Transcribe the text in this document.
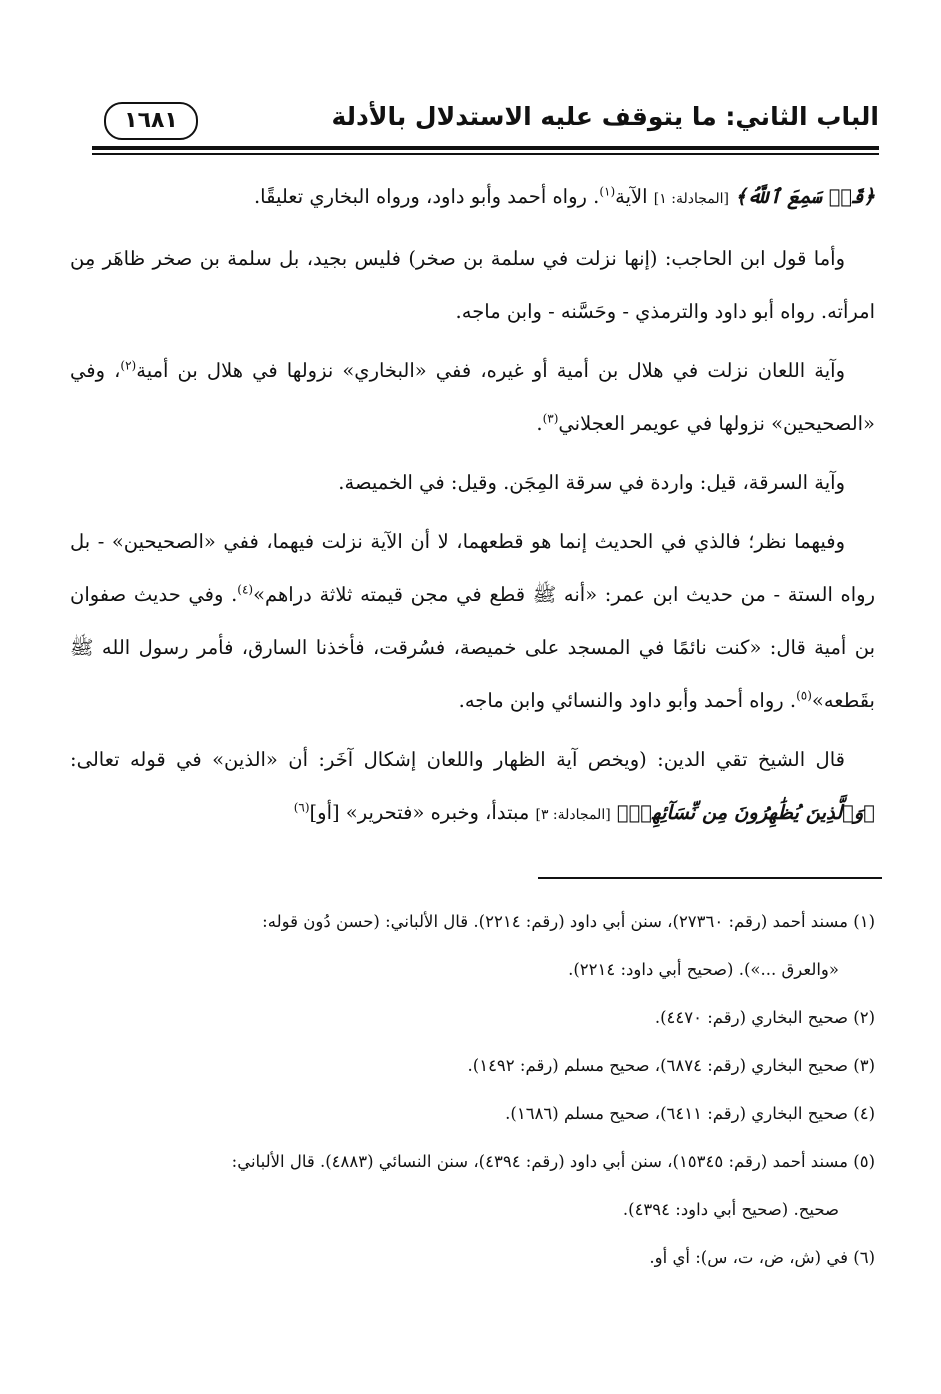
الباب الثاني: ما يتوقف عليه الاستدلال بالأدلة
١٦٨١

﴿قَدۡ سَمِعَ ٱللَّهُ﴾ [المجادلة: ١] الآية$^{(١)}$. رواه أحمد وأبو داود، ورواه البخاري تعليقًا.

وأما قول ابن الحاجب: (إنها نزلت في سلمة بن صخر) فليس بجيد، بل سلمة بن صخر ظاهَر مِن امرأته. رواه أبو داود والترمذي - وحَسَّنه - وابن ماجه.

وآية اللعان نزلت في هلال بن أمية أو غيره، ففي «البخاري» نزولها في هلال بن أمية$^{(٢)}$، وفي «الصحيحين» نزولها في عويمر العجلاني$^{(٣)}$.

وآية السرقة، قيل: واردة في سرقة المِجَن. وقيل: في الخميصة.

وفيهما نظر؛ فالذي في الحديث إنما هو قطعهما، لا أن الآية نزلت فيهما، ففي «الصحيحين» - بل رواه الستة - من حديث ابن عمر: «أنه ﷺ قطع في مجن قيمته ثلاثة دراهم»$^{(٤)}$. وفي حديث صفوان بن أمية قال: «كنت نائمًا في المسجد على خميصة، فسُرقت، فأخذنا السارق، فأمر رسول الله ﷺ بقَطعه»$^{(٥)}$. رواه أحمد وأبو داود والنسائي وابن ماجه.

قال الشيخ تقي الدين: (ويخص آية الظهار واللعان إشكال آخَر: أن «الذين» في قوله تعالى: ﴿وَٱلَّذِينَ يُظَٰهِرُونَ مِن نِّسَآئِهِمۡ﴾ [المجادلة: ٣] مبتدأ، وخبره «فتحرير» [أو]$^{(٦)}$

(١) مسند أحمد (رقم: ٢٧٣٦٠)، سنن أبي داود (رقم: ٢٢١٤). قال الألباني: (حسن دُون قوله:

«والعرق ...»). (صحيح أبي داود: ٢٢١٤).

(٢) صحيح البخاري (رقم: ٤٤٧٠).

(٣) صحيح البخاري (رقم: ٦٨٧٤)، صحيح مسلم (رقم: ١٤٩٢).

(٤) صحيح البخاري (رقم: ٦٤١١)، صحيح مسلم (١٦٨٦).

(٥) مسند أحمد (رقم: ١٥٣٤٥)، سنن أبي داود (رقم: ٤٣٩٤)، سنن النسائي (٤٨٨٣). قال الألباني:

صحيح. (صحيح أبي داود: ٤٣٩٤).

(٦) في (ش، ض، ت، س): أي أو.
